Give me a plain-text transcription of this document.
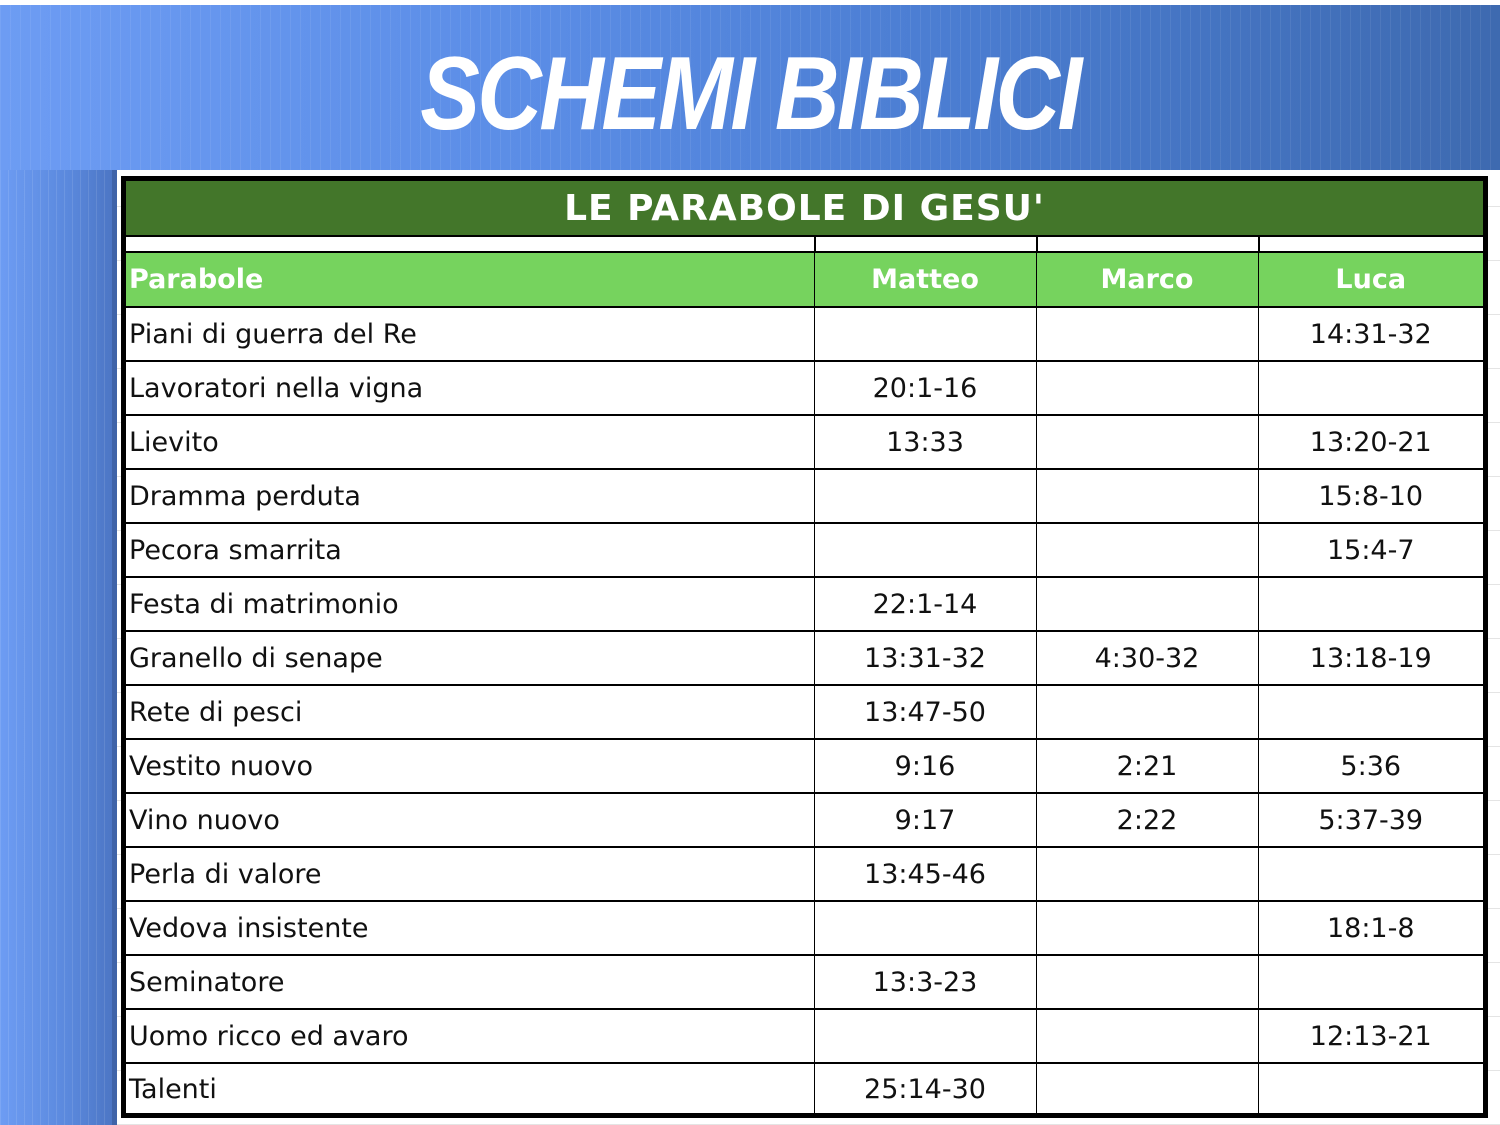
SCHEMI BIBLICI
LE PARABOLE DI GESU'
Parabole	Matteo	Marco	Luca
Piani di guerra del Re			14:31-32
Lavoratori nella vigna	20:1-16		
Lievito	13:33		13:20-21
Dramma perduta			15:8-10
Pecora smarrita			15:4-7
Festa di matrimonio	22:1-14		
Granello di senape	13:31-32	4:30-32	13:18-19
Rete di pesci	13:47-50		
Vestito nuovo	9:16	2:21	5:36
Vino nuovo	9:17	2:22	5:37-39
Perla di valore	13:45-46		
Vedova insistente			18:1-8
Seminatore	13:3-23		
Uomo ricco ed avaro			12:13-21
Talenti	25:14-30		
